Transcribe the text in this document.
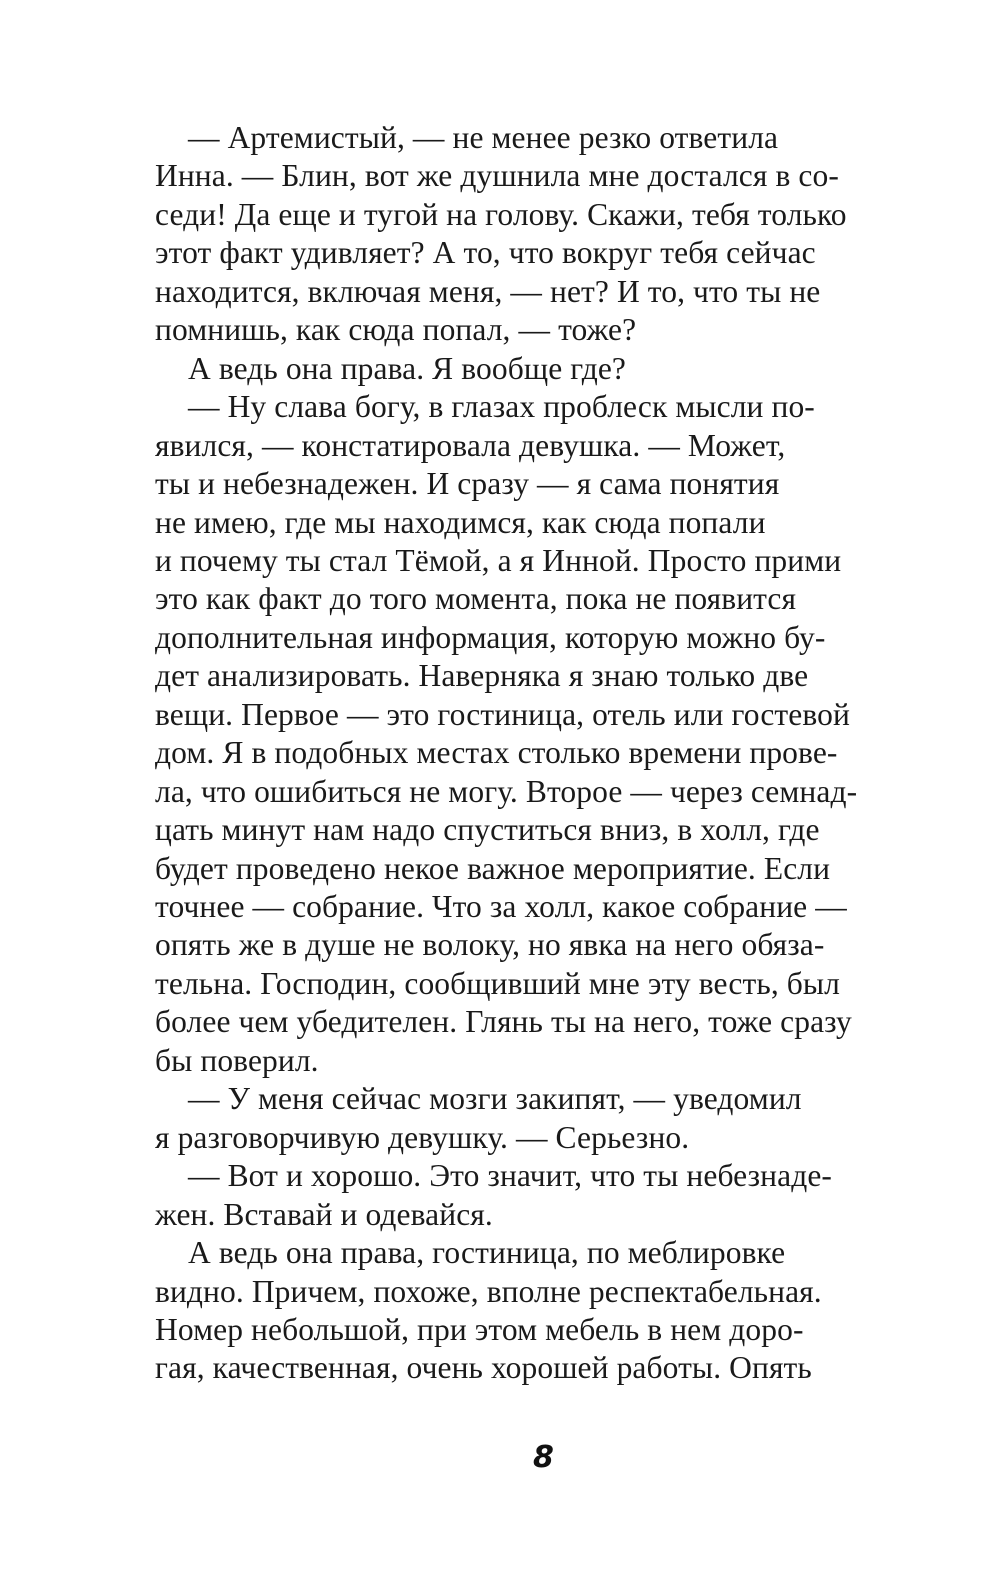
— Артемистый, — не менее резко ответила
Инна. — Блин, вот же душнила мне достался в со-
седи! Да еще и тугой на голову. Скажи, тебя только
этот факт удивляет? А то, что вокруг тебя сейчас
находится, включая меня, — нет? И то, что ты не
помнишь, как сюда попал, — тоже?
А ведь она права. Я вообще где?
— Ну слава богу, в глазах проблеск мысли по-
явился, — констатировала девушка. — Может,
ты и небезнадежен. И сразу — я сама понятия
не имею, где мы находимся, как сюда попали
и почему ты стал Тёмой, а я Инной. Просто прими
это как факт до того момента, пока не появится
дополнительная информация, которую можно бу-
дет анализировать. Наверняка я знаю только две
вещи. Первое — это гостиница, отель или гостевой
дом. Я в подобных местах столько времени прове-
ла, что ошибиться не могу. Второе — через семнад-
цать минут нам надо спуститься вниз, в холл, где
будет проведено некое важное мероприятие. Если
точнее — собрание. Что за холл, какое собрание —
опять же в душе не волоку, но явка на него обяза-
тельна. Господин, сообщивший мне эту весть, был
более чем убедителен. Глянь ты на него, тоже сразу
бы поверил.
— У меня сейчас мозги закипят, — уведомил
я разговорчивую девушку. — Серьезно.
— Вот и хорошо. Это значит, что ты небезнаде-
жен. Вставай и одевайся.
А ведь она права, гостиница, по меблировке
видно. Причем, похоже, вполне респектабельная.
Номер небольшой, при этом мебель в нем доро-
гая, качественная, очень хорошей работы. Опять
8
